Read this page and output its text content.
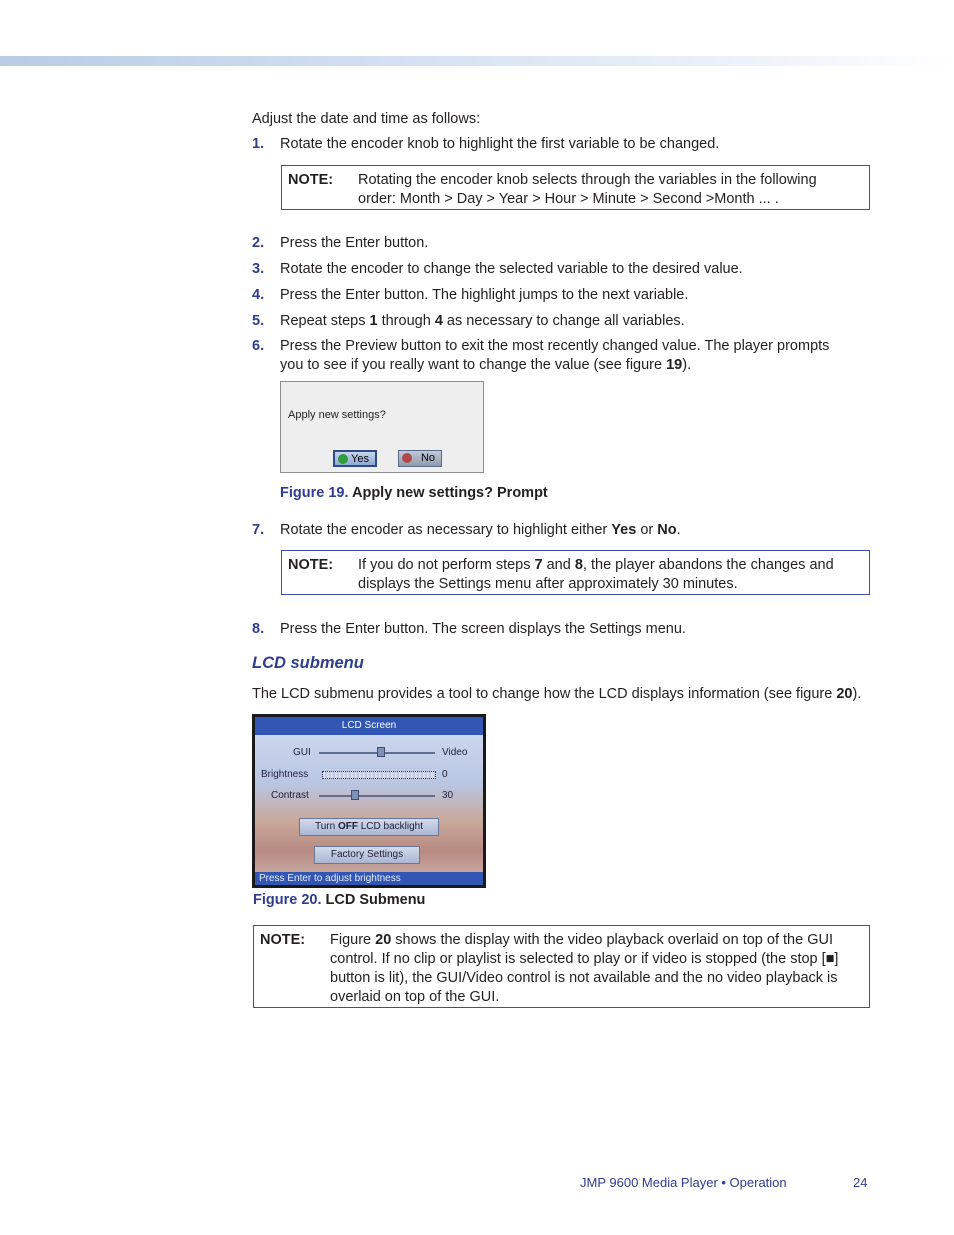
Adjust the date and time as follows:
1. Rotate the encoder knob to highlight the first variable to be changed.
NOTE: Rotating the encoder knob selects through the variables in the following
order: Month > Day > Year > Hour > Minute > Second >Month ... .
2. Press the Enter button.
3. Rotate the encoder to change the selected variable to the desired value.
4. Press the Enter button. The highlight jumps to the next variable.
5. Repeat steps 1 through 4 as necessary to change all variables.
6. Press the Preview button to exit the most recently changed value. The player prompts
you to see if you really want to change the value (see figure 19).
Apply new settings?
Yes	No
Figure 19. Apply new settings? Prompt
7. Rotate the encoder as necessary to highlight either Yes or No.
NOTE: If you do not perform steps 7 and 8, the player abandons the changes and
displays the Settings menu after approximately 30 minutes.
8. Press the Enter button. The screen displays the Settings menu.
LCD submenu
The LCD submenu provides a tool to change how the LCD displays information (see figure 20).
LCD Screen
GUI	Video
Brightness	0
Contrast	30
Turn OFF LCD backlight
Factory Settings
Press Enter to adjust brightness
Figure 20. LCD Submenu
NOTE: Figure 20 shows the display with the video playback overlaid on top of the GUI
control. If no clip or playlist is selected to play or if video is stopped (the stop [■]
button is lit), the GUI/Video control is not available and the no video playback is
overlaid on top of the GUI.
JMP 9600 Media Player • Operation	24
